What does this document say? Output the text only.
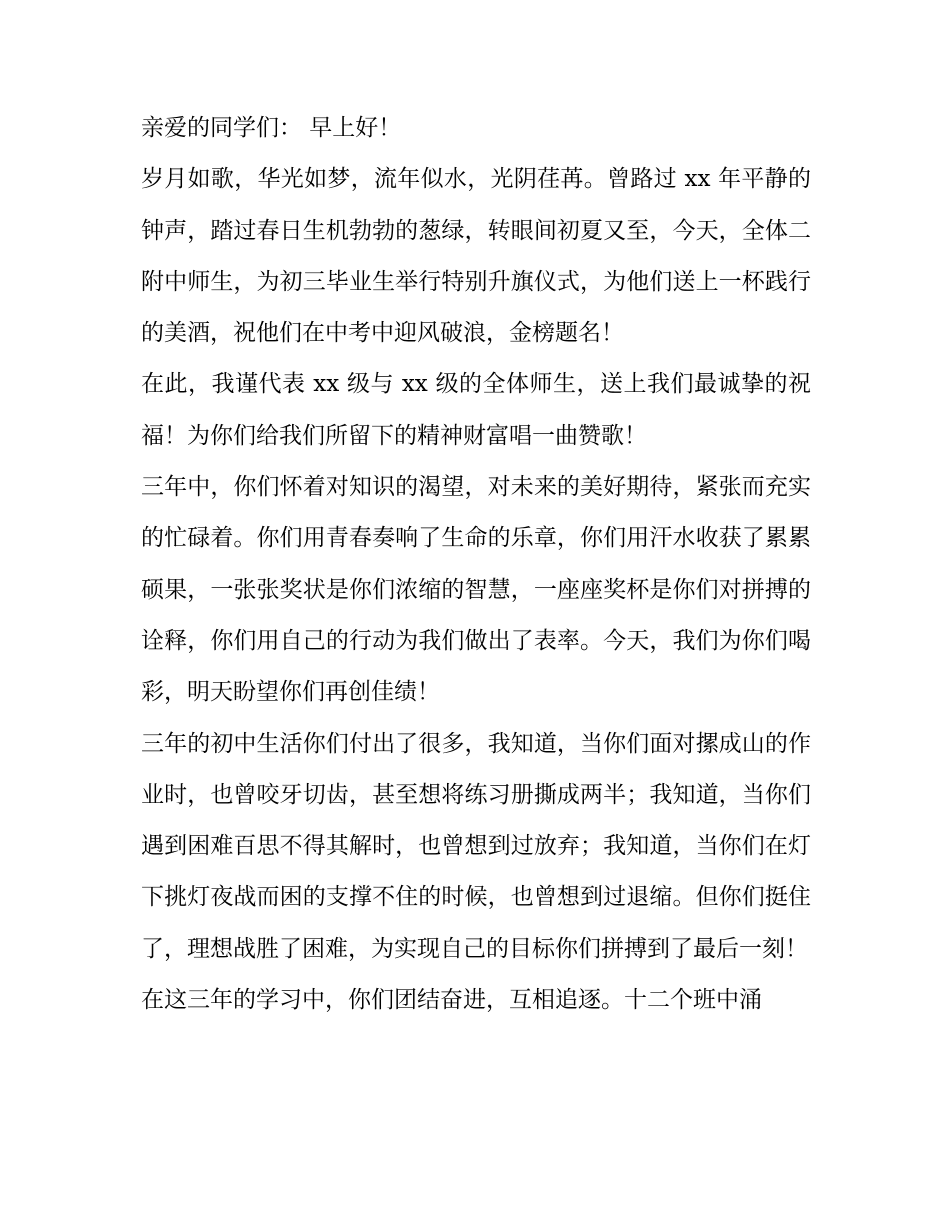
亲爱的同学们： 早上好！

岁月如歌，华光如梦，流年似水，光阴荏苒。曾路过 xx 年平静的钟声，踏过春日生机勃勃的葱绿，转眼间初夏又至，今天，全体二附中师生，为初三毕业生举行特别升旗仪式，为他们送上一杯践行的美酒，祝他们在中考中迎风破浪，金榜题名！

在此，我谨代表 xx 级与 xx 级的全体师生，送上我们最诚挚的祝福！为你们给我们所留下的精神财富唱一曲赞歌！

三年中，你们怀着对知识的渴望，对未来的美好期待，紧张而充实的忙碌着。你们用青春奏响了生命的乐章，你们用汗水收获了累累硕果，一张张奖状是你们浓缩的智慧，一座座奖杯是你们对拼搏的诠释，你们用自己的行动为我们做出了表率。今天，我们为你们喝彩，明天盼望你们再创佳绩！

三年的初中生活你们付出了很多，我知道，当你们面对摞成山的作业时，也曾咬牙切齿，甚至想将练习册撕成两半；我知道，当你们遇到困难百思不得其解时，也曾想到过放弃；我知道，当你们在灯下挑灯夜战而困的支撑不住的时候，也曾想到过退缩。但你们挺住了，理想战胜了困难，为实现自己的目标你们拼搏到了最后一刻！

在这三年的学习中，你们团结奋进，互相追逐。十二个班中涌
